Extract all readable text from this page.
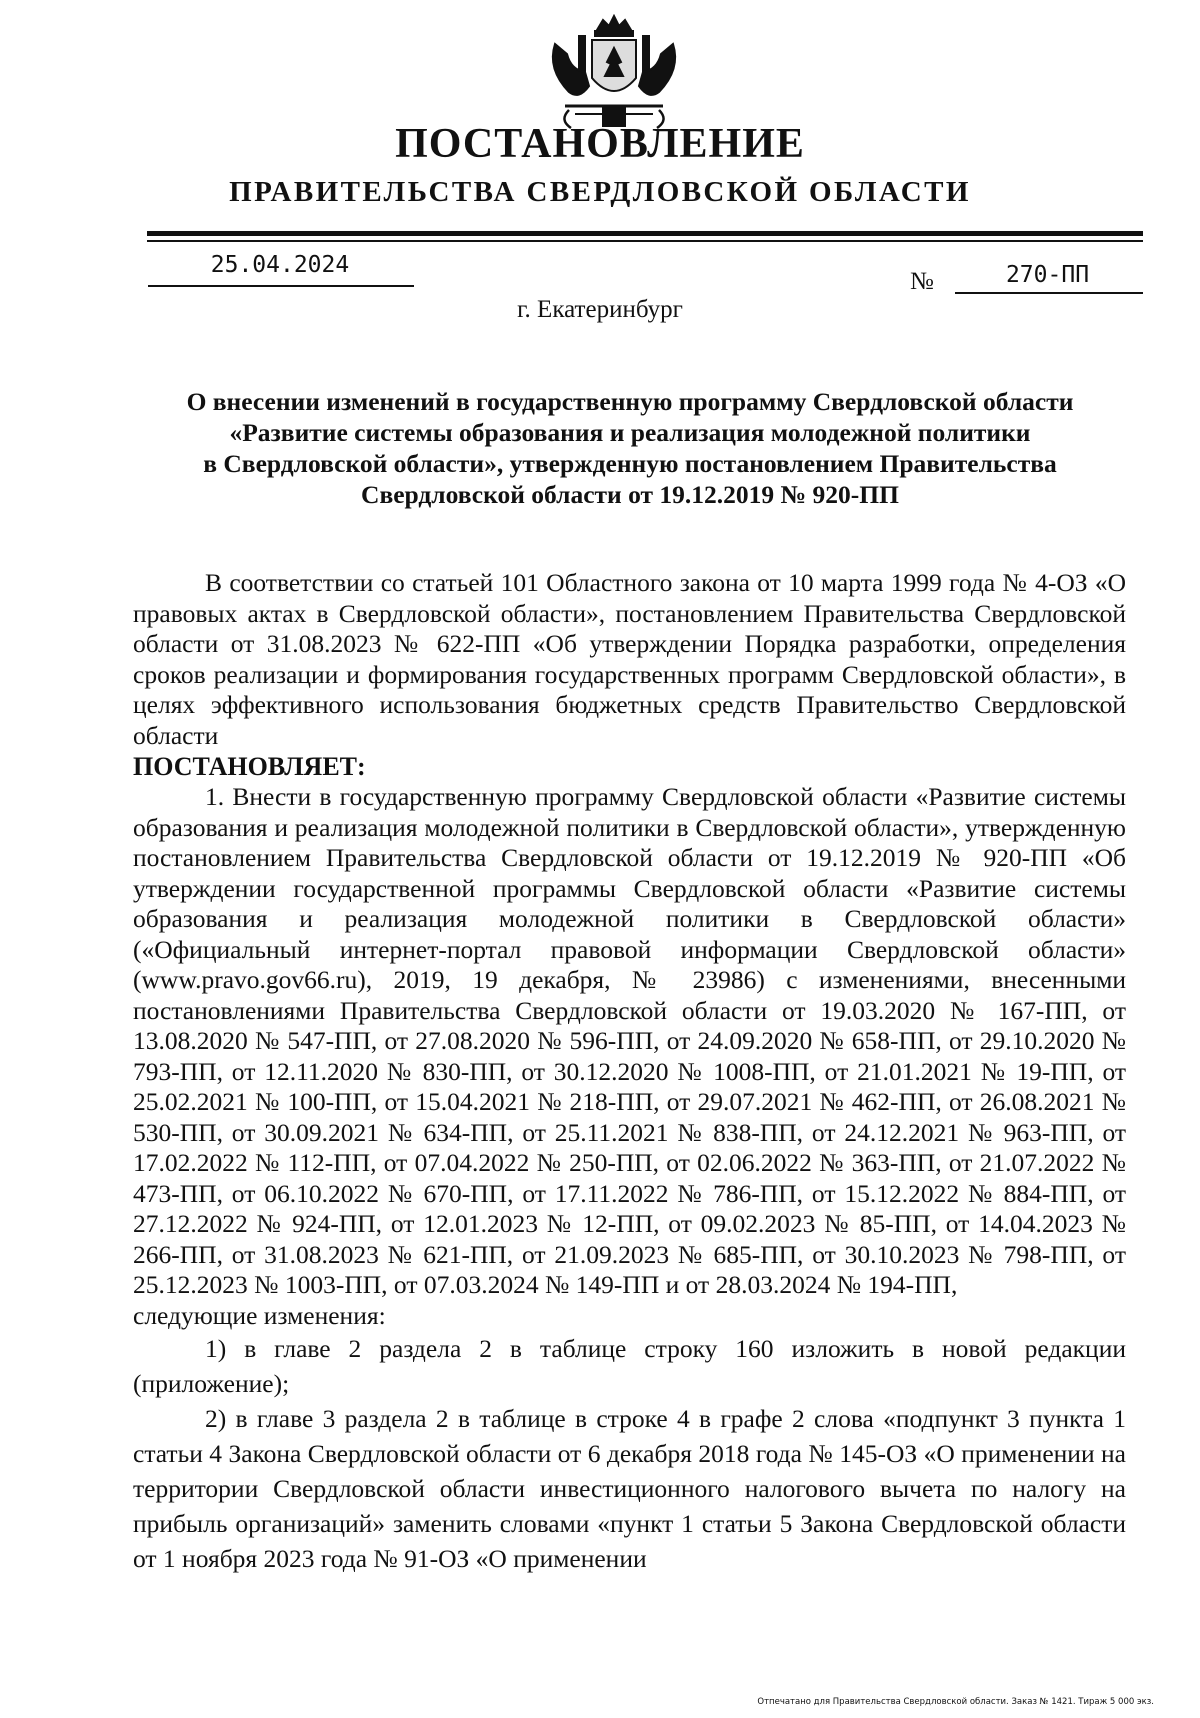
ПОСТАНОВЛЕНИЕ
ПРАВИТЕЛЬСТВА СВЕРДЛОВСКОЙ ОБЛАСТИ
25.04.2024
№	270-ПП
г. Екатеринбург
О внесении изменений в государственную программу Свердловской области
«Развитие системы образования и реализация молодежной политики
в Свердловской области», утвержденную постановлением Правительства
Свердловской области от 19.12.2019 № 920-ПП

В соответствии со статьей 101 Областного закона от 10 марта 1999 года № 4-ОЗ «О правовых актах в Свердловской области», постановлением Правительства Свердловской области от 31.08.2023 № 622-ПП «Об утверждении Порядка разработки, определения сроков реализации и формирования государственных программ Свердловской области», в целях эффективного использования бюджетных средств Правительство Свердловской области

ПОСТАНОВЛЯЕТ:

1. Внести в государственную программу Свердловской области «Развитие системы образования и реализация молодежной политики в Свердловской области», утвержденную постановлением Правительства Свердловской области от 19.12.2019 № 920-ПП «Об утверждении государственной программы Свердловской области «Развитие системы образования и реализация молодежной политики в Свердловской области» («Официальный интернет-портал правовой информации Свердловской области» (www.pravo.gov66.ru), 2019, 19 декабря, № 23986) с изменениями, внесенными постановлениями Правительства Свердловской области от 19.03.2020 № 167-ПП, от 13.08.2020 № 547-ПП, от 27.08.2020 № 596-ПП, от 24.09.2020 № 658-ПП, от 29.10.2020 № 793-ПП, от 12.11.2020 № 830-ПП, от 30.12.2020 № 1008-ПП, от 21.01.2021 № 19-ПП, от 25.02.2021 № 100-ПП, от 15.04.2021 № 218-ПП, от 29.07.2021 № 462-ПП, от 26.08.2021 № 530-ПП, от 30.09.2021 № 634-ПП, от 25.11.2021 № 838-ПП, от 24.12.2021 № 963-ПП, от 17.02.2022 № 112-ПП, от 07.04.2022 № 250-ПП, от 02.06.2022 № 363-ПП, от 21.07.2022 № 473-ПП, от 06.10.2022 № 670-ПП, от 17.11.2022 № 786-ПП, от 15.12.2022 № 884-ПП, от 27.12.2022 № 924-ПП, от 12.01.2023 № 12-ПП, от 09.02.2023 № 85-ПП, от 14.04.2023 № 266-ПП, от 31.08.2023 № 621-ПП, от 21.09.2023 № 685-ПП, от 30.10.2023 № 798-ПП, от 25.12.2023 № 1003-ПП, от 07.03.2024 № 149-ПП и от 28.03.2024 № 194-ПП,

следующие изменения:

1) в главе 2 раздела 2 в таблице строку 160 изложить в новой редакции (приложение);

2) в главе 3 раздела 2 в таблице в строке 4 в графе 2 слова «подпункт 3 пункта 1 статьи 4 Закона Свердловской области от 6 декабря 2018 года № 145-ОЗ «О применении на территории Свердловской области инвестиционного налогового вычета по налогу на прибыль организаций» заменить словами «пункт 1 статьи 5 Закона Свердловской области от 1 ноября 2023 года № 91-ОЗ «О применении

Отпечатано для Правительства Свердловской области. Заказ № 1421. Тираж 5 000 экз.
